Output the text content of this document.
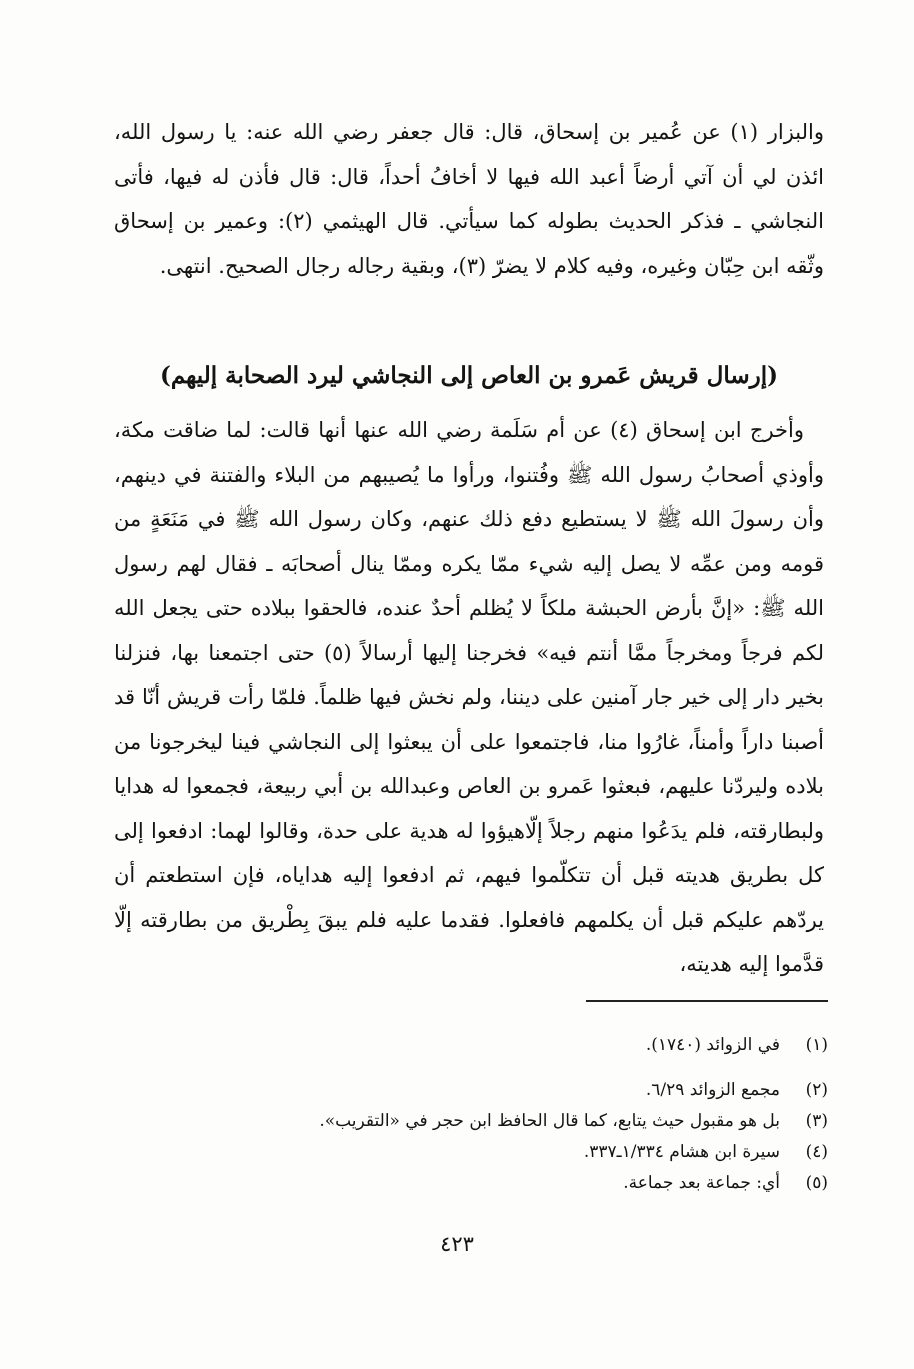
والبزار (١) عن عُمير بن إسحاق، قال: قال جعفر رضي الله عنه: يا رسول الله، ائذن لي أن آتي أرضاً أعبد الله فيها لا أخافُ أحداً، قال: قال فأذن له فيها، فأتى النجاشي ـ فذكر الحديث بطوله كما سيأتي. قال الهيثمي (٢): وعمير بن إسحاق وثّقه ابن حِبّان وغيره، وفيه كلام لا يضرّ (٣)، وبقية رجاله رجال الصحيح. انتهى.

(إرسال قريش عَمرو بن العاص إلى النجاشي ليرد الصحابة إليهم)

وأخرج ابن إسحاق (٤) عن أم سَلَمة رضي الله عنها أنها قالت: لما ضاقت مكة، وأوذي أصحابُ رسول الله ﷺ وفُتنوا، ورأوا ما يُصيبهم من البلاء والفتنة في دينهم، وأن رسولَ الله ﷺ لا يستطيع دفع ذلك عنهم، وكان رسول الله ﷺ في مَنَعَةٍ من قومه ومن عمِّه لا يصل إليه شيء ممّا يكره وممّا ينال أصحابَه ـ فقال لهم رسول الله ﷺ: «إنَّ بأرض الحبشة ملكاً لا يُظلم أحدٌ عنده، فالحقوا ببلاده حتى يجعل الله لكم فرجاً ومخرجاً ممَّا أنتم فيه» فخرجنا إليها أرسالاً (٥) حتى اجتمعنا بها، فنزلنا بخير دار إلى خير جار آمنين على ديننا، ولم نخش فيها ظلماً. فلمّا رأت قريش أنّا قد أصبنا داراً وأمناً، غارُوا منا، فاجتمعوا على أن يبعثوا إلى النجاشي فينا ليخرجونا من بلاده وليردّنا عليهم، فبعثوا عَمرو بن العاص وعبدالله بن أبي ربيعة، فجمعوا له هدايا ولبطارقته، فلم يدَعُوا منهم رجلاً إلّاهيؤوا له هدية على حدة، وقالوا لهما: ادفعوا إلى كل بطريق هديته قبل أن تتكلّموا فيهم، ثم ادفعوا إليه هداياه، فإن استطعتم أن يردّهم عليكم قبل أن يكلمهم فافعلوا. فقدما عليه فلم يبقَ بِطْريق من بطارقته إلّا قدَّموا إليه هديته،

(١)
في الزوائد (١٧٤٠).
(٢)
مجمع الزوائد ٦/٢٩.
(٣)
بل هو مقبول حيث يتابع، كما قال الحافظ ابن حجر في «التقريب».
(٤)
سيرة ابن هشام ١/٣٣٤ـ٣٣٧.
(٥)
أي: جماعة بعد جماعة.
٤٢٣
